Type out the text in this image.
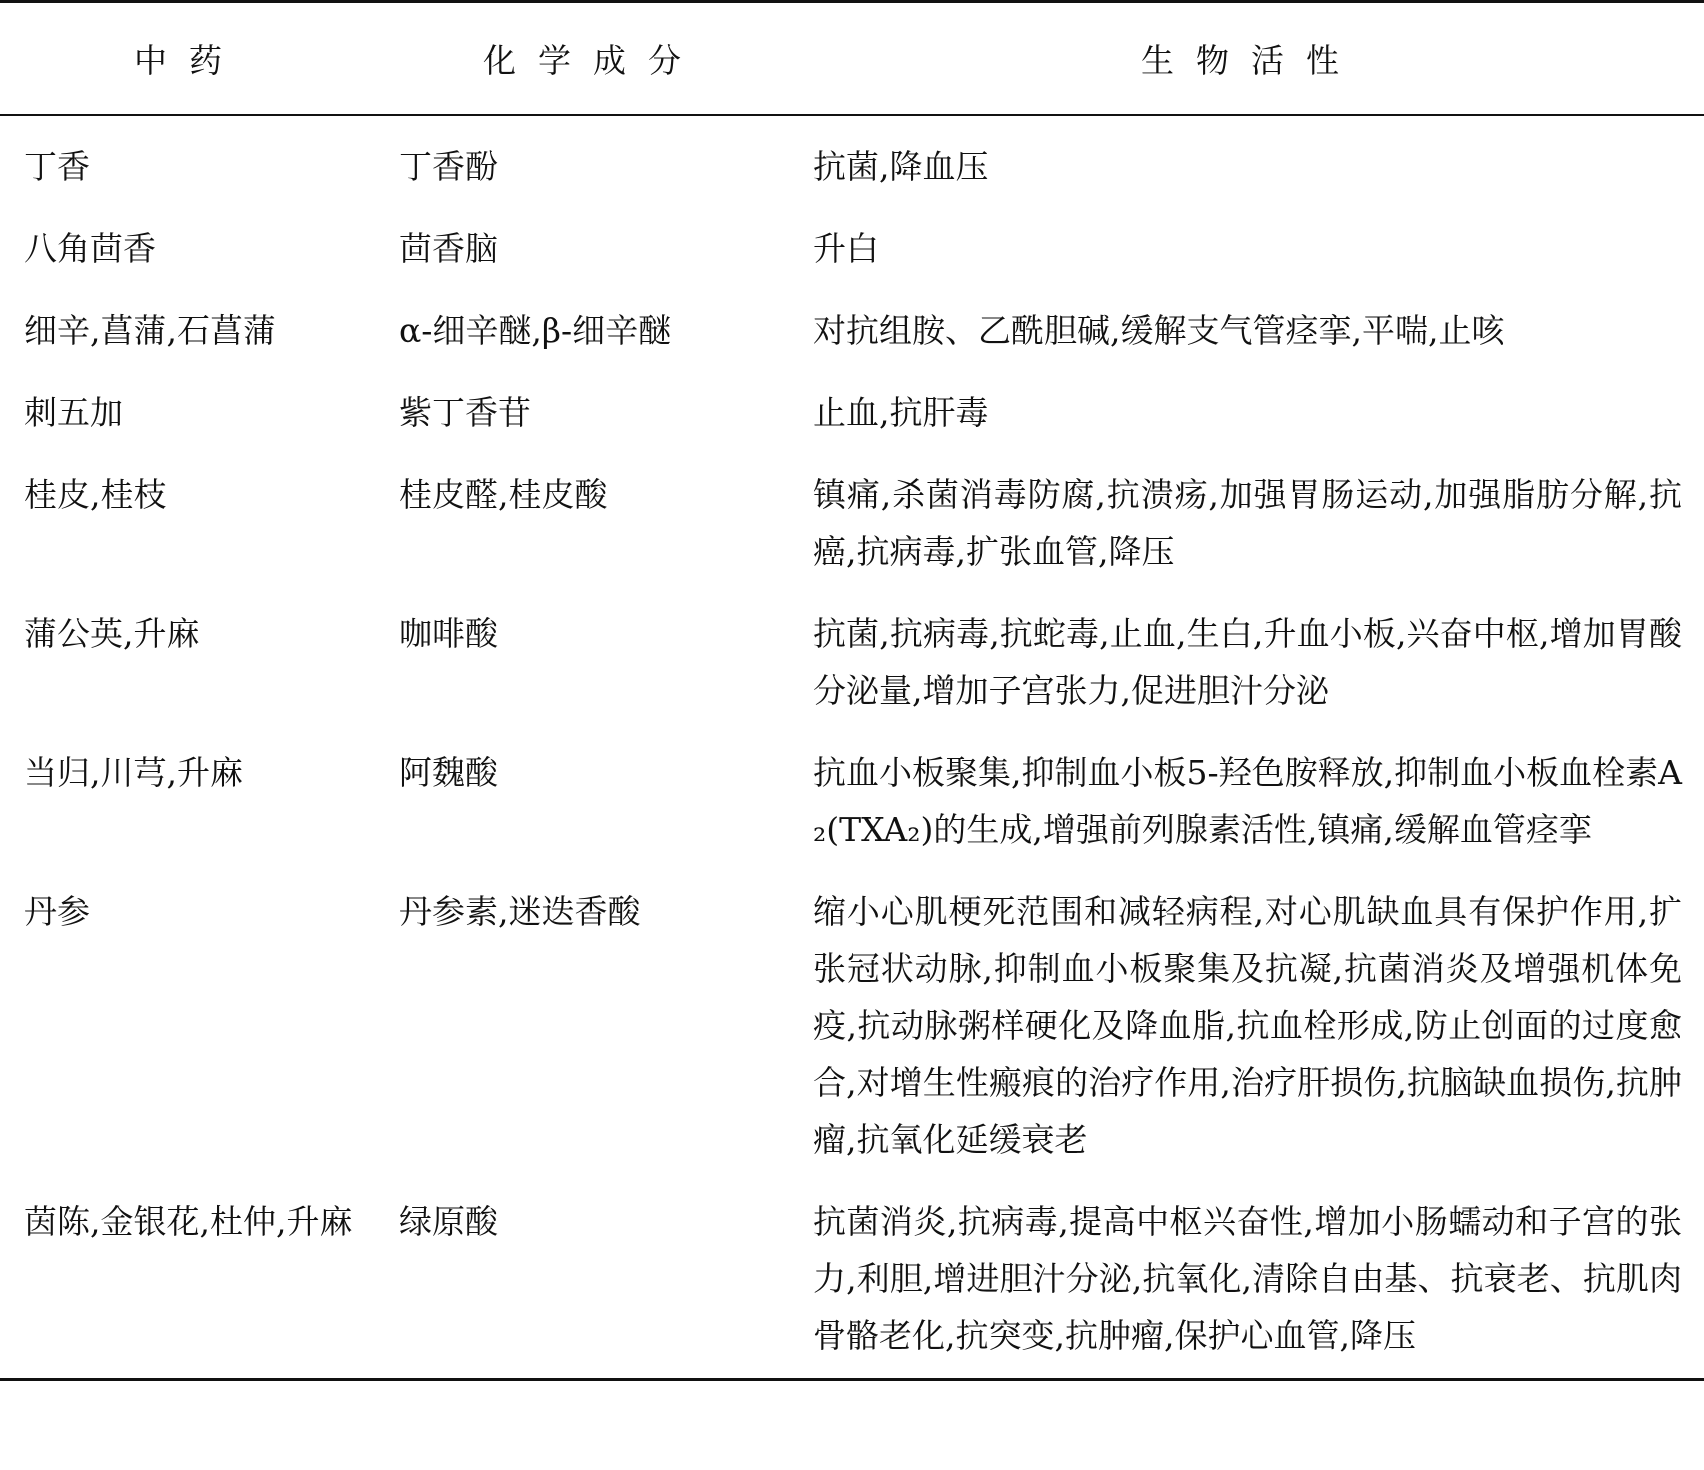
中药	化学成分	生物活性
丁香	丁香酚	抗菌,降血压
八角茴香	茴香脑	升白
细辛,菖蒲,石菖蒲	α-细辛醚,β-细辛醚	对抗组胺、乙酰胆碱,缓解支气管痉挛,平喘,止咳
刺五加	紫丁香苷	止血,抗肝毒
桂皮,桂枝	桂皮醛,桂皮酸	镇痛,杀菌消毒防腐,抗溃疡,加强胃肠运动,加强脂肪分解,抗癌,抗病毒,扩张血管,降压
蒲公英,升麻	咖啡酸	抗菌,抗病毒,抗蛇毒,止血,生白,升血小板,兴奋中枢,增加胃酸分泌量,增加子宫张力,促进胆汁分泌
当归,川芎,升麻	阿魏酸	抗血小板聚集,抑制血小板5-羟色胺释放,抑制血小板血栓素A₂(TXA₂)的生成,增强前列腺素活性,镇痛,缓解血管痉挛
丹参	丹参素,迷迭香酸	缩小心肌梗死范围和减轻病程,对心肌缺血具有保护作用,扩张冠状动脉,抑制血小板聚集及抗凝,抗菌消炎及增强机体免疫,抗动脉粥样硬化及降血脂,抗血栓形成,防止创面的过度愈合,对增生性瘢痕的治疗作用,治疗肝损伤,抗脑缺血损伤,抗肿瘤,抗氧化延缓衰老
茵陈,金银花,杜仲,升麻	绿原酸	抗菌消炎,抗病毒,提高中枢兴奋性,增加小肠蠕动和子宫的张力,利胆,增进胆汁分泌,抗氧化,清除自由基、抗衰老、抗肌肉骨骼老化,抗突变,抗肿瘤,保护心血管,降压
